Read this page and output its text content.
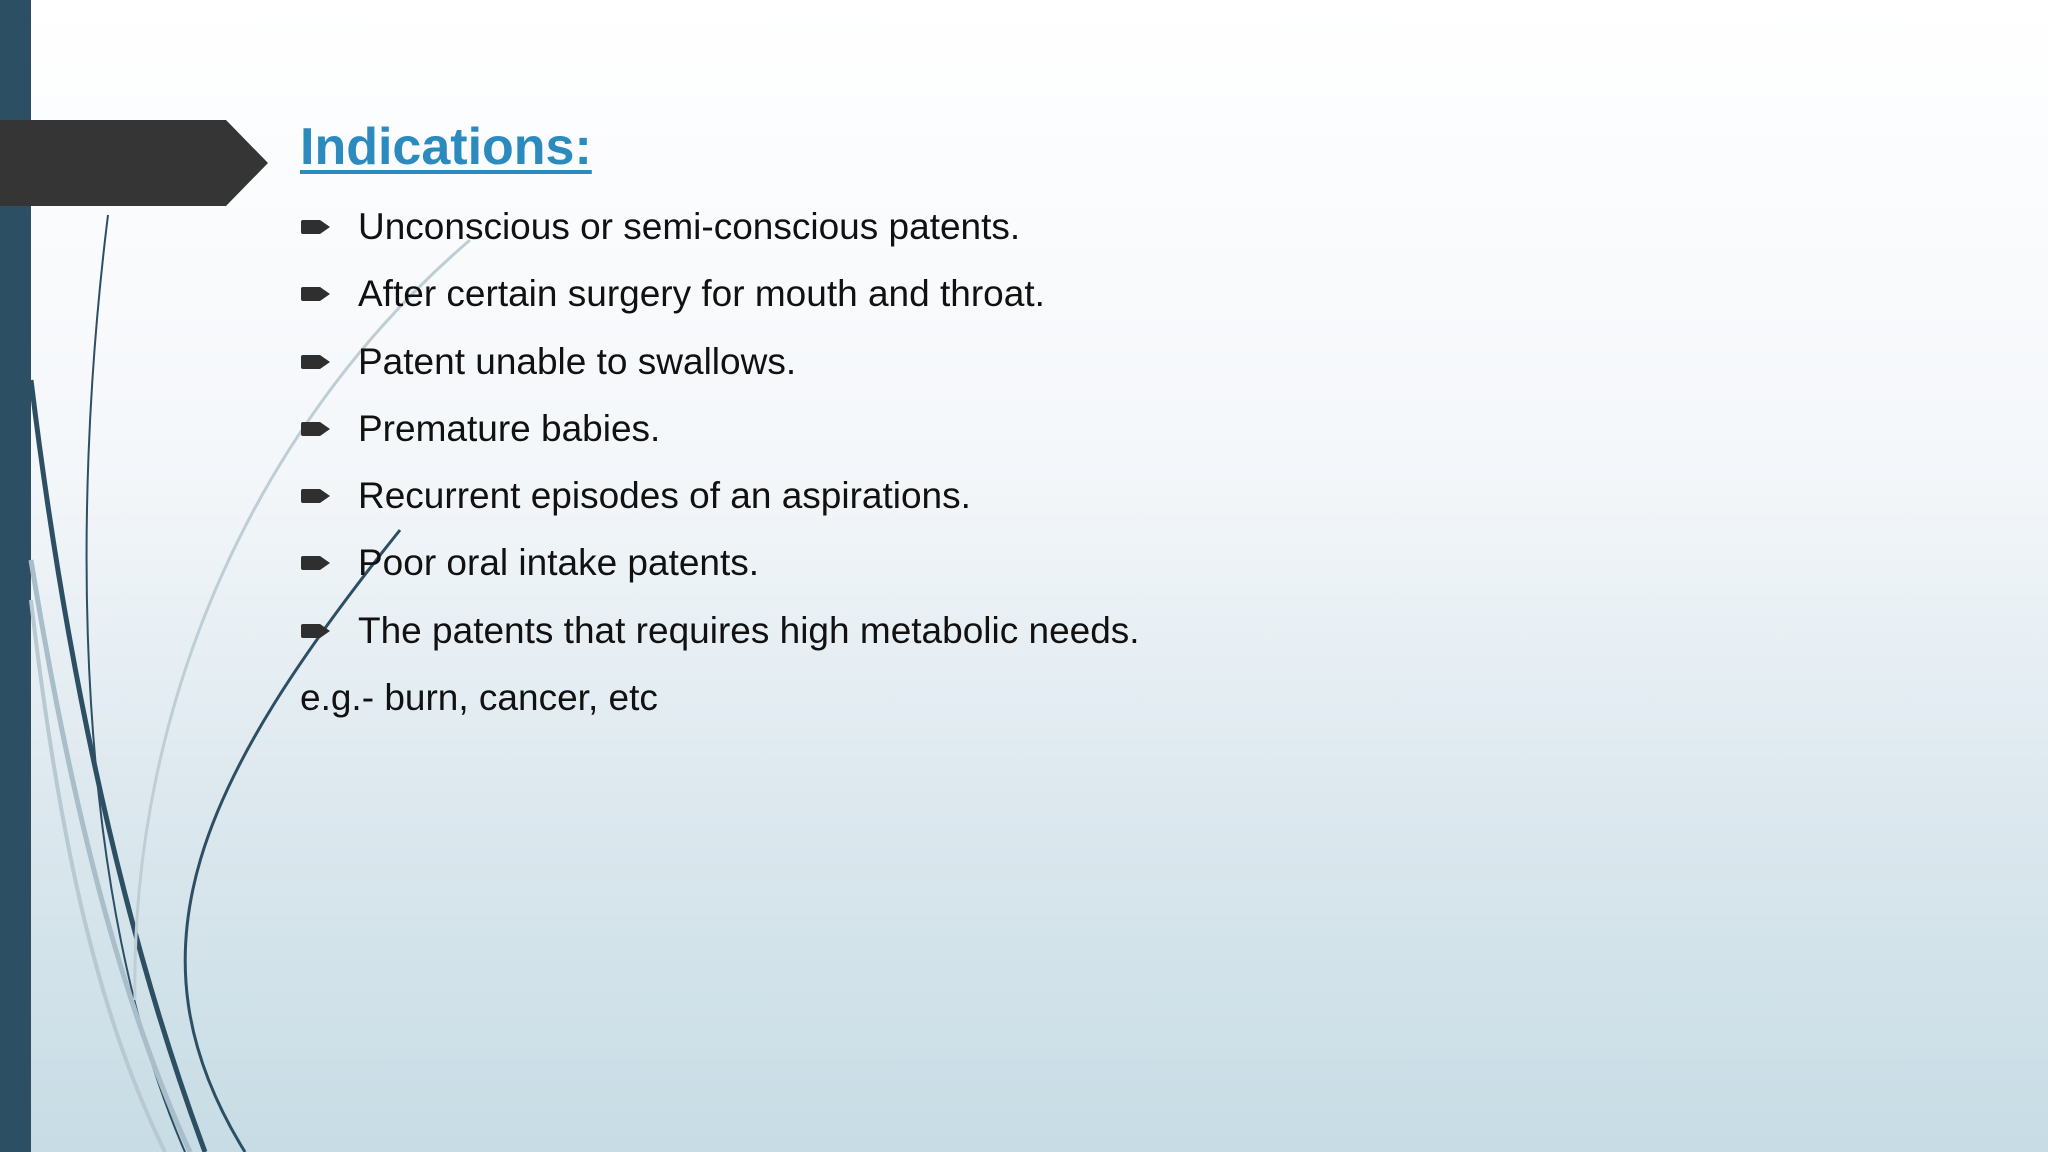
Indications:
Unconscious or semi-conscious patents.
After certain surgery for mouth and throat.
Patent unable to swallows.
Premature babies.
Recurrent episodes of an aspirations.
Poor oral intake patents.
The patents that requires high metabolic needs.
e.g.- burn, cancer, etc
